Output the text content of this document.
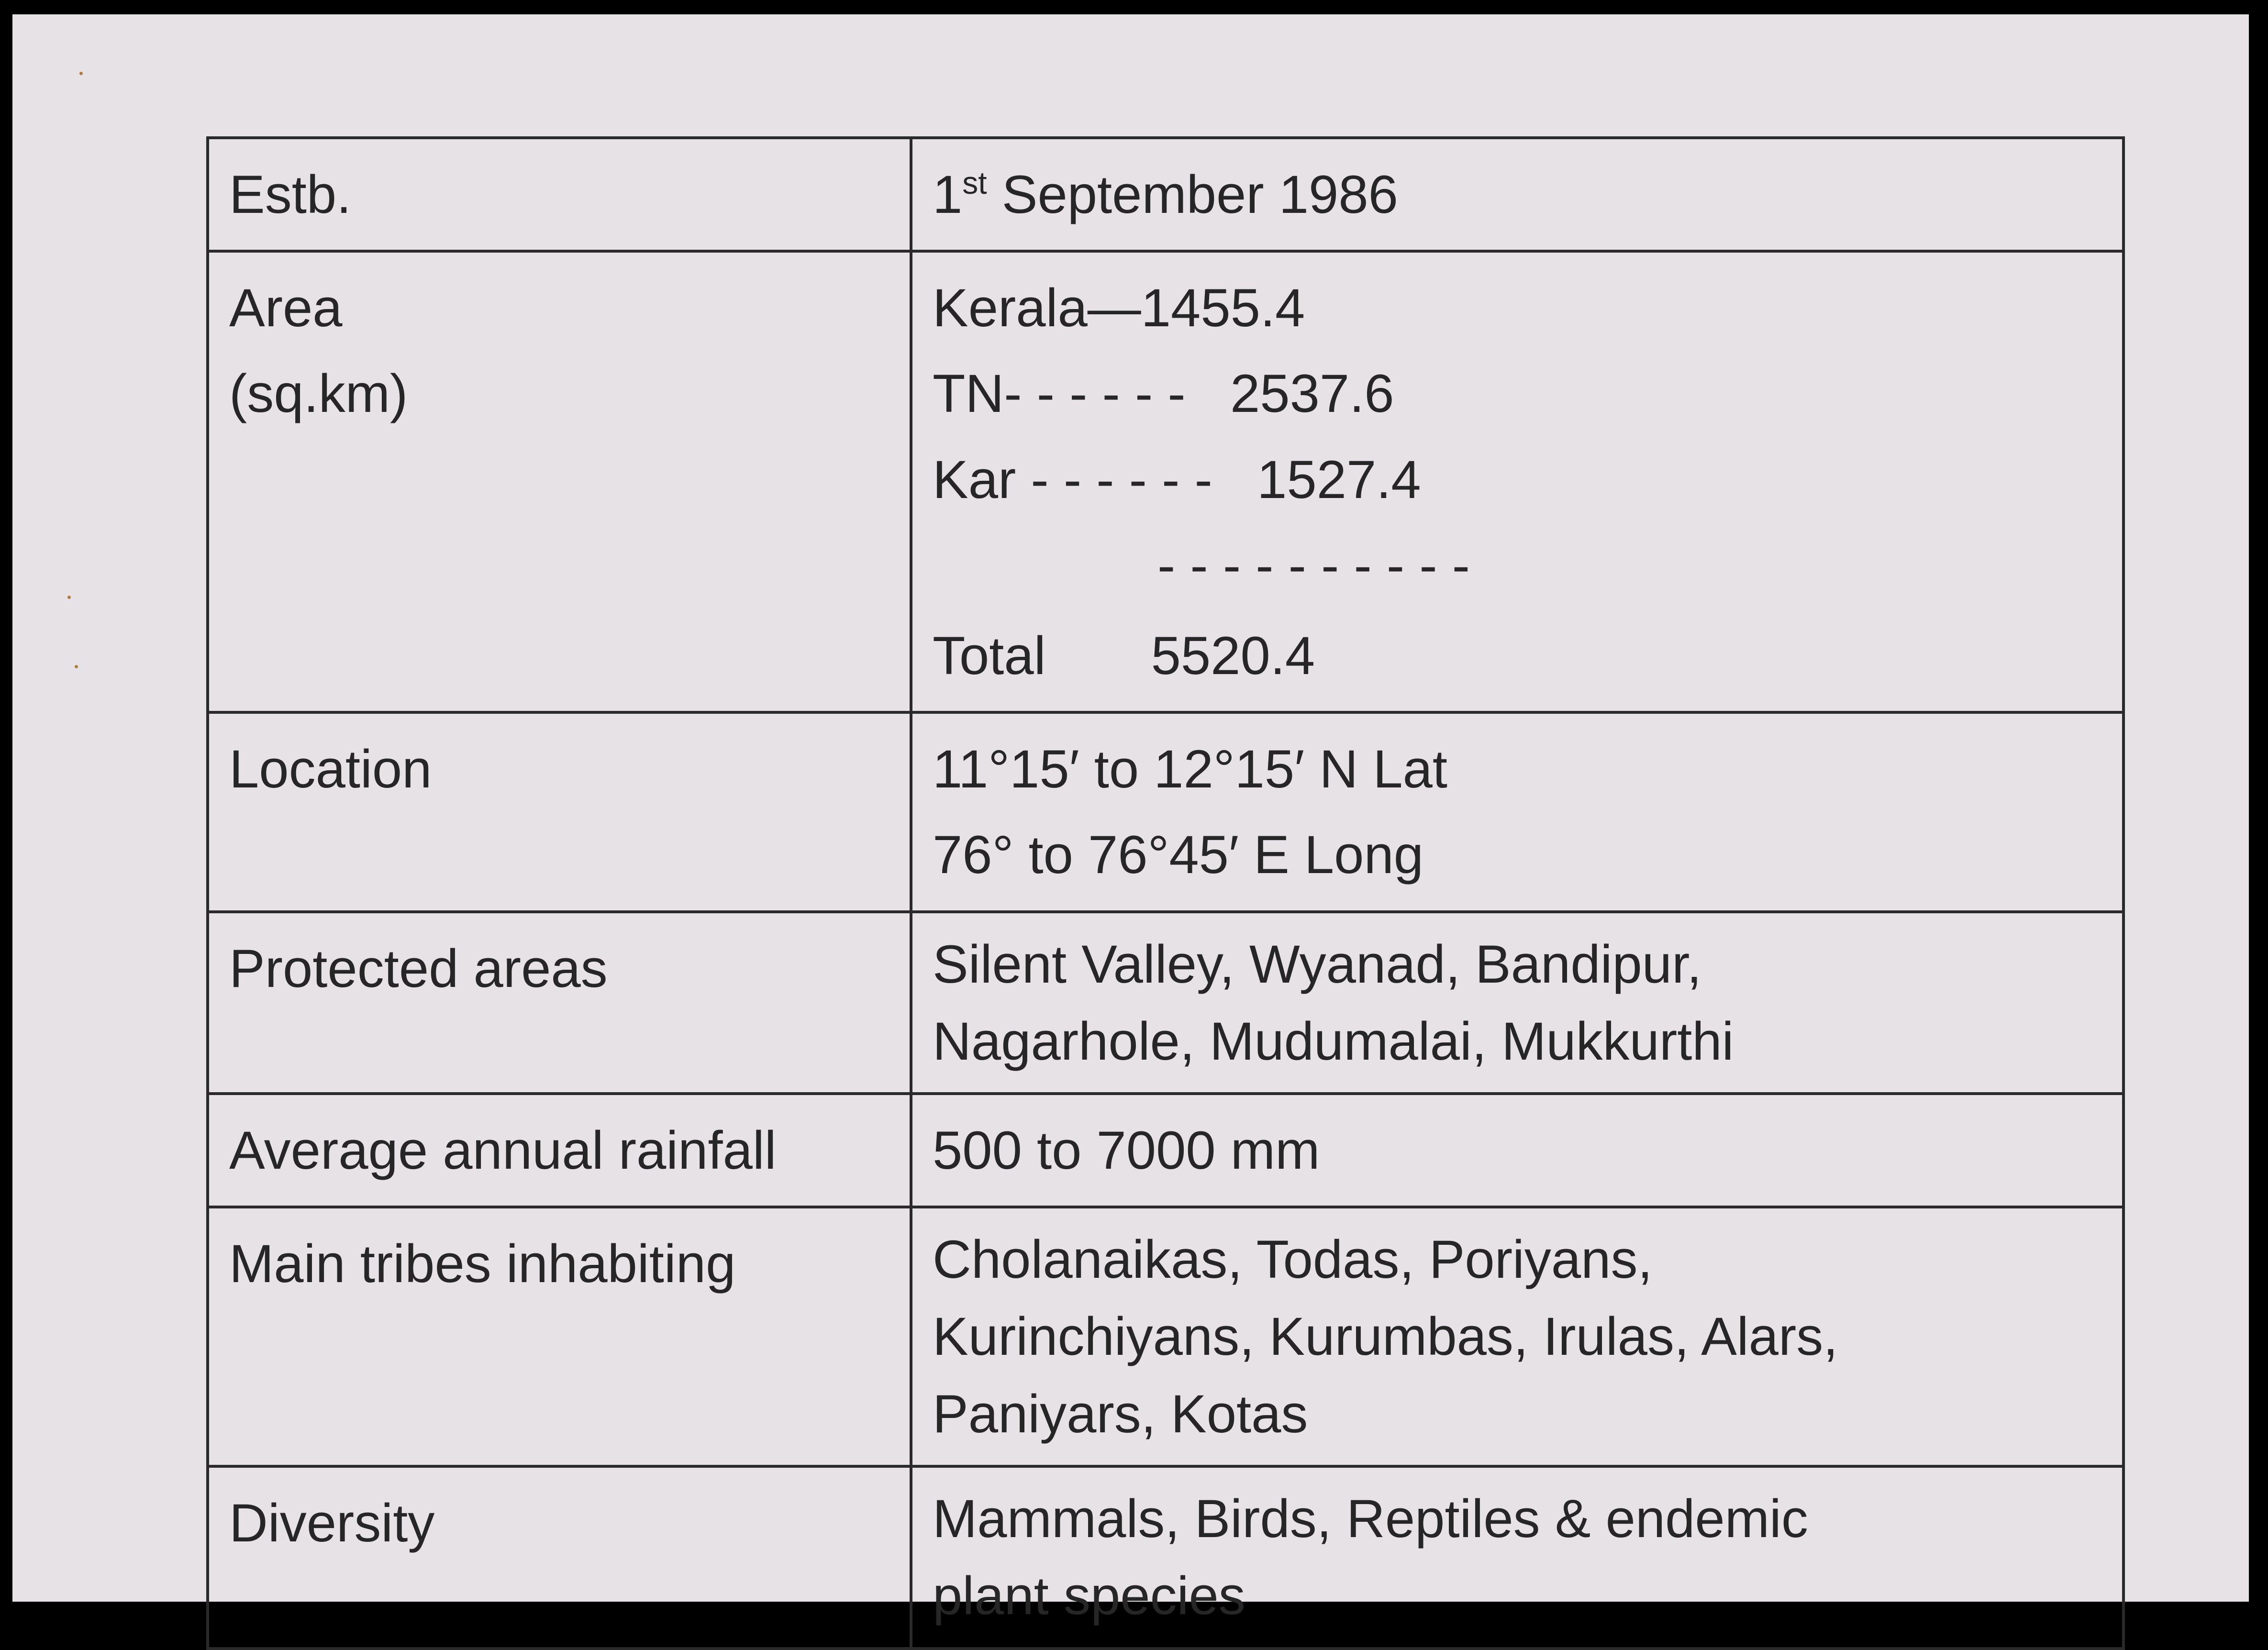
Estb.	1st September 1986

Area
(sq.km)	Kerala—1455.4
TN- - - - - -   2537.6
Kar - - - - - -   1527.4
- - - - - - - - - -
Total 5520.4

Location	11°15′ to 12°15′ N Lat
76° to 76°45′ E Long

Protected areas	Silent Valley, Wyanad, Bandipur,
Nagarhole, Mudumalai, Mukkurthi

Average annual rainfall	500 to 7000 mm

Main tribes inhabiting	Cholanaikas, Todas, Poriyans,
Kurinchiyans, Kurumbas, Irulas, Alars,
Paniyars, Kotas

Diversity	Mammals, Birds, Reptiles & endemic
plant species
